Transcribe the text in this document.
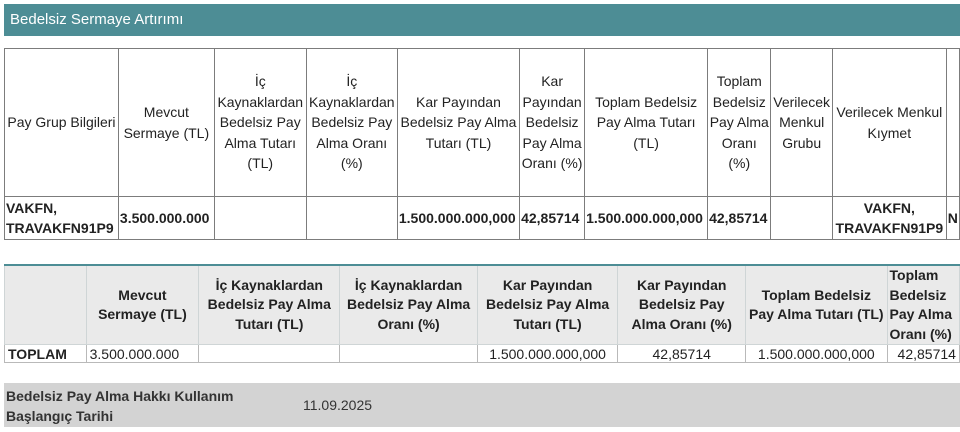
Bedelsiz Sermaye Artırımı
Pay Grup Bilgileri	Mevcut Sermaye (TL)	İç Kaynaklardan Bedelsiz Pay Alma Tutarı (TL)	İç Kaynaklardan Bedelsiz Pay Alma Oranı (%)	Kar Payından Bedelsiz Pay Alma Tutarı (TL)	Kar Payından Bedelsiz Pay Alma Oranı (%)	Toplam Bedelsiz Pay Alma Tutarı (TL)	Toplam Bedelsiz Pay Alma Oranı (%)	Verilecek Menkul Grubu	Verilecek Menkul Kıymet	
VAKFN, TRAVAKFN91P9	3.500.000.000			1.500.000.000,000	42,85714	1.500.000.000,000	42,85714		VAKFN, TRAVAKFN91P9	N
	Mevcut Sermaye (TL)	İç Kaynaklardan Bedelsiz Pay Alma Tutarı (TL)	İç Kaynaklardan Bedelsiz Pay Alma Oranı (%)	Kar Payından Bedelsiz Pay Alma Tutarı (TL)	Kar Payından Bedelsiz Pay Alma Oranı (%)	Toplam Bedelsiz Pay Alma Tutarı (TL)	Toplam Bedelsiz Pay Alma Oranı (%)
TOPLAM	3.500.000.000			1.500.000.000,000	42,85714	1.500.000.000,000	42,85714
Bedelsiz Pay Alma Hakkı Kullanım Başlangıç Tarihi
11.09.2025
